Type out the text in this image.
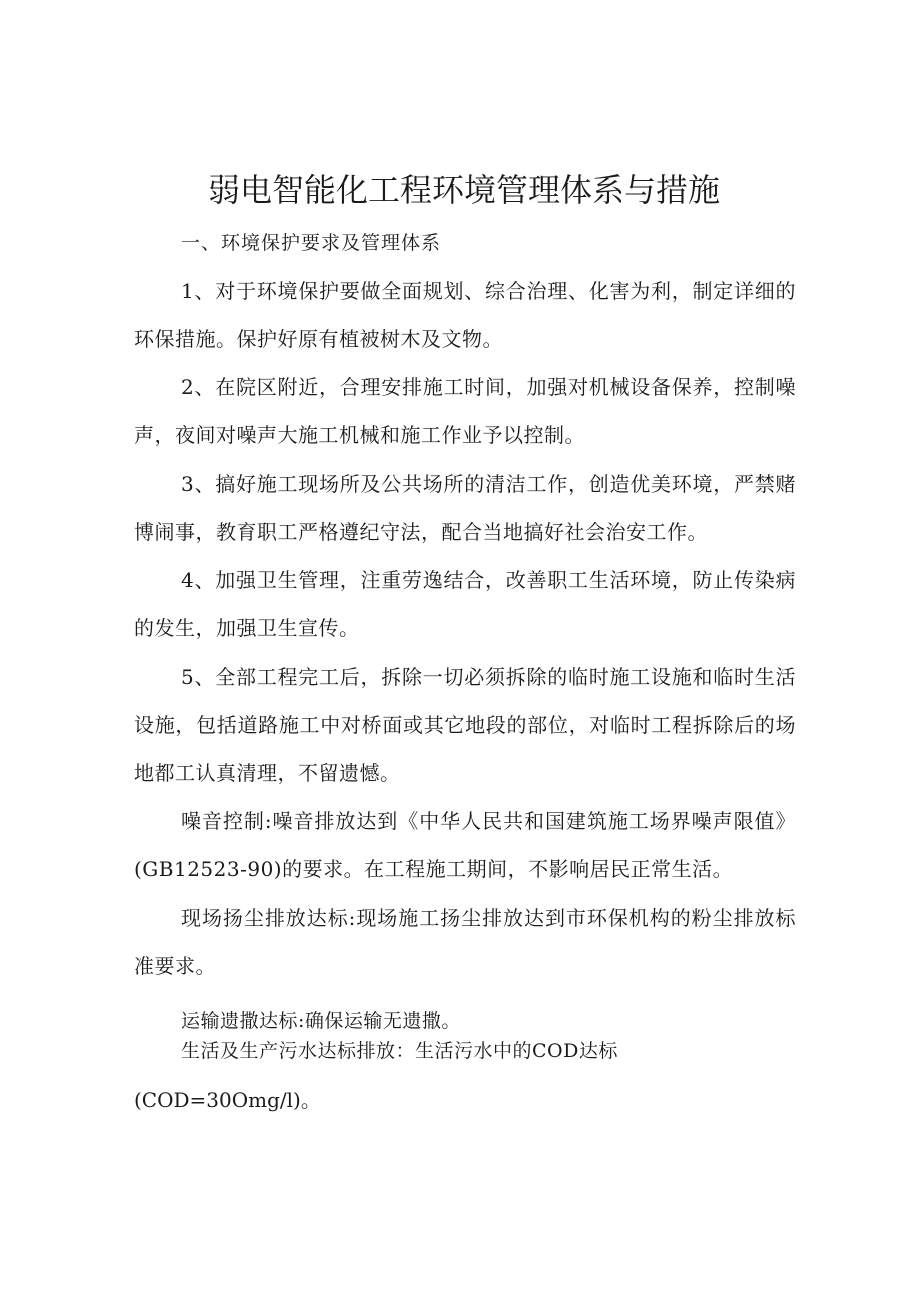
弱电智能化工程环境管理体系与措施

一、环境保护要求及管理体系

1、对于环境保护要做全面规划、综合治理、化害为利，制定详细的环保措施。保护好原有植被树木及文物。

2、在院区附近，合理安排施工时间，加强对机械设备保养，控制噪声，夜间对噪声大施工机械和施工作业予以控制。

3、搞好施工现场所及公共场所的清洁工作，创造优美环境，严禁赌博闹事，教育职工严格遵纪守法，配合当地搞好社会治安工作。

4、加强卫生管理，注重劳逸结合，改善职工生活环境，防止传染病的发生，加强卫生宣传。

5、全部工程完工后，拆除一切必须拆除的临时施工设施和临时生活设施，包括道路施工中对桥面或其它地段的部位，对临时工程拆除后的场地都工认真清理，不留遗憾。

噪音控制:噪音排放达到《中华人民共和国建筑施工场界噪声限值》(GB12523-90)的要求。在工程施工期间，不影响居民正常生活。

现场扬尘排放达标:现场施工扬尘排放达到市环保机构的粉尘排放标准要求。

运输遗撒达标:确保运输无遗撒。

生活及生产污水达标排放：生活污水中的COD达标

(COD=30Omg/l)。
